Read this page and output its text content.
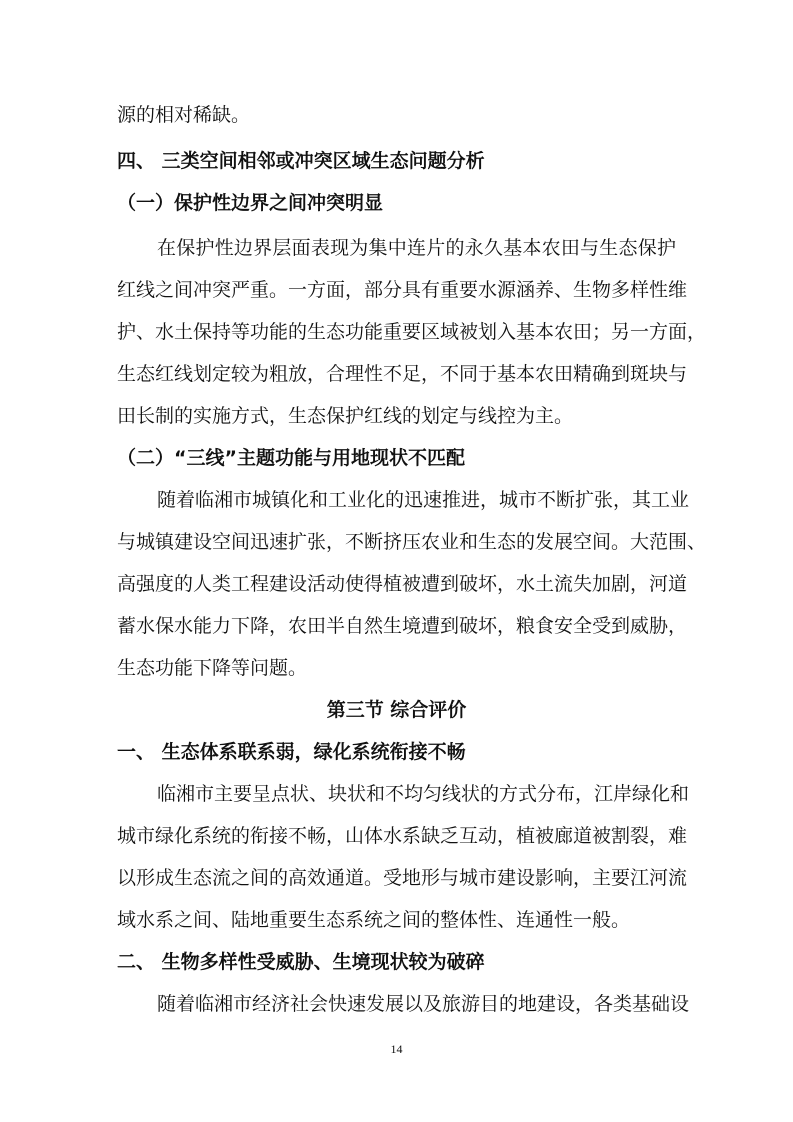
源的相对稀缺。
四、 三类空间相邻或冲突区域生态问题分析
（一）保护性边界之间冲突明显
在保护性边界层面表现为集中连片的永久基本农田与生态保护
红线之间冲突严重。一方面，部分具有重要水源涵养、生物多样性维
护、水土保持等功能的生态功能重要区域被划入基本农田；另一方面，
生态红线划定较为粗放，合理性不足，不同于基本农田精确到斑块与
田长制的实施方式，生态保护红线的划定与线控为主。
（二）“三线”主题功能与用地现状不匹配
随着临湘市城镇化和工业化的迅速推进，城市不断扩张，其工业
与城镇建设空间迅速扩张，不断挤压农业和生态的发展空间。大范围、
高强度的人类工程建设活动使得植被遭到破坏，水土流失加剧，河道
蓄水保水能力下降，农田半自然生境遭到破坏，粮食安全受到威胁，
生态功能下降等问题。
第三节 综合评价
一、 生态体系联系弱，绿化系统衔接不畅
临湘市主要呈点状、块状和不均匀线状的方式分布，江岸绿化和
城市绿化系统的衔接不畅，山体水系缺乏互动，植被廊道被割裂，难
以形成生态流之间的高效通道。受地形与城市建设影响，主要江河流
域水系之间、陆地重要生态系统之间的整体性、连通性一般。
二、 生物多样性受威胁、生境现状较为破碎
随着临湘市经济社会快速发展以及旅游目的地建设，各类基础设
14
